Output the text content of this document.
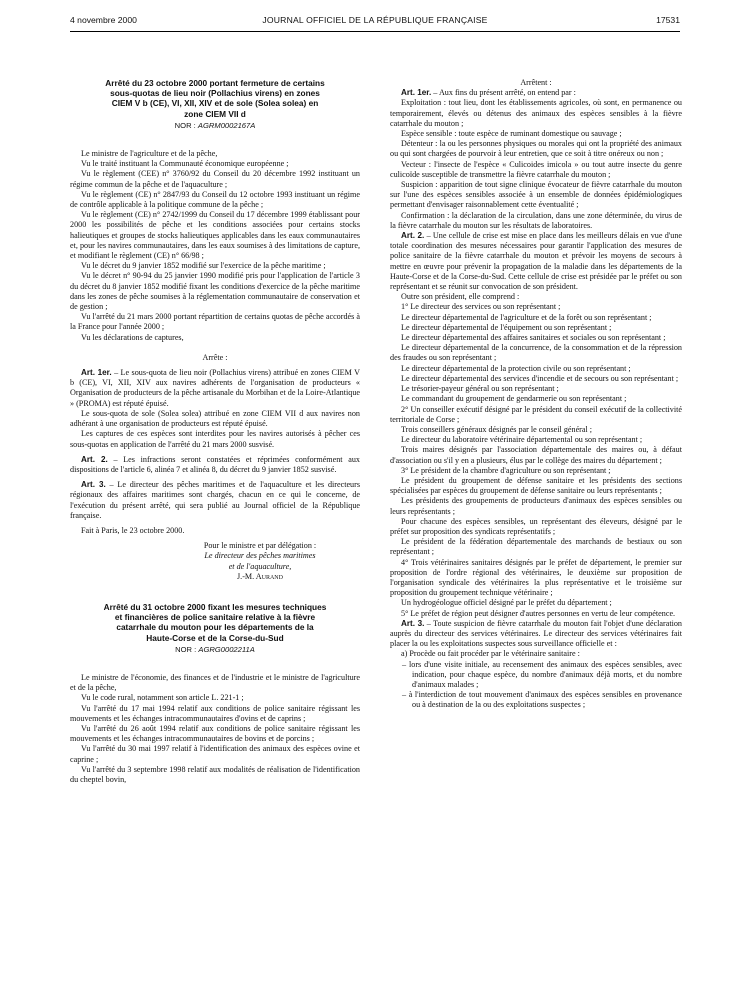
4 novembre 2000	JOURNAL OFFICIEL DE LA RÉPUBLIQUE FRANÇAISE	17531
Arrêté du 23 octobre 2000 portant fermeture de certains
sous-quotas de lieu noir (Pollachius virens) en zones
CIEM V b (CE), VI, XII, XIV et de sole (Solea solea) en
zone CIEM VII d

NOR : AGRM0002167A

Le ministre de l'agriculture et de la pêche,

Vu le traité instituant la Communauté économique européenne ;

Vu le règlement (CEE) n° 3760/92 du Conseil du 20 décembre 1992 instituant un régime commun de la pêche et de l'aquaculture ;

Vu le règlement (CE) n° 2847/93 du Conseil du 12 octobre 1993 instituant un régime de contrôle applicable à la politique commune de la pêche ;

Vu le règlement (CE) n° 2742/1999 du Conseil du 17 décembre 1999 établissant pour 2000 les possibilités de pêche et les conditions associées pour certains stocks halieutiques et groupes de stocks halieutiques applicables dans les eaux communautaires et, pour les navires communautaires, dans les eaux soumises à des limitations de capture, et modifiant le règlement (CE) n° 66/98 ;

Vu le décret du 9 janvier 1852 modifié sur l'exercice de la pêche maritime ;

Vu le décret n° 90-94 du 25 janvier 1990 modifié pris pour l'application de l'article 3 du décret du 8 janvier 1852 modifié fixant les conditions d'exercice de la pêche maritime dans les zones de pêche soumises à la réglementation communautaire de conservation et de gestion ;

Vu l'arrêté du 21 mars 2000 portant répartition de certains quotas de pêche accordés à la France pour l'année 2000 ;

Vu les déclarations de captures,

Arrête :

Art. 1er. – Le sous-quota de lieu noir (Pollachius virens) attribué en zones CIEM V b (CE), VI, XII, XIV aux navires adhérents de l'organisation de producteurs « Organisation de producteurs de la pêche artisanale du Morbihan et de la Loire-Atlantique » (PROMA) est réputé épuisé.

Le sous-quota de sole (Solea solea) attribué en zone CIEM VII d aux navires non adhérant à une organisation de producteurs est réputé épuisé.

Les captures de ces espèces sont interdites pour les navires autorisés à pêcher ces sous-quotas en application de l'arrêté du 21 mars 2000 susvisé.

Art. 2. – Les infractions seront constatées et réprimées conformément aux dispositions de l'article 6, alinéa 7 et alinéa 8, du décret du 9 janvier 1852 susvisé.

Art. 3. – Le directeur des pêches maritimes et de l'aquaculture et les directeurs régionaux des affaires maritimes sont chargés, chacun en ce qui le concerne, de l'exécution du présent arrêté, qui sera publié au Journal officiel de la République française.

Fait à Paris, le 23 octobre 2000.

Pour le ministre et par délégation :
Le directeur des pêches maritimes
et de l'aquaculture,
J.-M. Aurand
Arrêté du 31 octobre 2000 fixant les mesures techniques
et financières de police sanitaire relative à la fièvre
catarrhale du mouton pour les départements de la
Haute-Corse et de la Corse-du-Sud

NOR : AGRG0002211A

Le ministre de l'économie, des finances et de l'industrie et le ministre de l'agriculture et de la pêche,

Vu le code rural, notamment son article L. 221-1 ;

Vu l'arrêté du 17 mai 1994 relatif aux conditions de police sanitaire régissant les mouvements et les échanges intracommunautaires d'ovins et de caprins ;

Vu l'arrêté du 26 août 1994 relatif aux conditions de police sanitaire régissant les mouvements et les échanges intracommunautaires de bovins et de porcins ;

Vu l'arrêté du 30 mai 1997 relatif à l'identification des animaux des espèces ovine et caprine ;

Vu l'arrêté du 3 septembre 1998 relatif aux modalités de réalisation de l'identification du cheptel bovin,

Arrêtent :

Art. 1er. – Aux fins du présent arrêté, on entend par :

Exploitation : tout lieu, dont les établissements agricoles, où sont, en permanence ou temporairement, élevés ou détenus des animaux des espèces sensibles à la fièvre catarrhale du mouton ;

Espèce sensible : toute espèce de ruminant domestique ou sauvage ;

Détenteur : la ou les personnes physiques ou morales qui ont la propriété des animaux ou qui sont chargées de pourvoir à leur entretien, que ce soit à titre onéreux ou non ;

Vecteur : l'insecte de l'espèce « Culicoides imicola » ou tout autre insecte du genre culicoïde susceptible de transmettre la fièvre catarrhale du mouton ;

Suspicion : apparition de tout signe clinique évocateur de fièvre catarrhale du mouton sur l'une des espèces sensibles associée à un ensemble de données épidémiologiques permettant d'envisager raisonnablement cette éventualité ;

Confirmation : la déclaration de la circulation, dans une zone déterminée, du virus de la fièvre catarrhale du mouton sur les résultats de laboratoires.

Art. 2. – Une cellule de crise est mise en place dans les meilleurs délais en vue d'une totale coordination des mesures nécessaires pour garantir l'application des mesures de police sanitaire de la fièvre catarrhale du mouton et prévoir les moyens de secours à mettre en œuvre pour prévenir la propagation de la maladie dans les départements de la Haute-Corse et de la Corse-du-Sud. Cette cellule de crise est présidée par le préfet ou son représentant et se réunit sur convocation de son président.

Outre son président, elle comprend :

1° Le directeur des services ou son représentant ;

Le directeur départemental de l'agriculture et de la forêt ou son représentant ;

Le directeur départemental de l'équipement ou son représentant ;

Le directeur départemental des affaires sanitaires et sociales ou son représentant ;

Le directeur départemental de la concurrence, de la consommation et de la répression des fraudes ou son représentant ;

Le directeur départemental de la protection civile ou son représentant ;

Le directeur départemental des services d'incendie et de secours ou son représentant ;

Le trésorier-payeur général ou son représentant ;

Le commandant du groupement de gendarmerie ou son représentant ;

2° Un conseiller exécutif désigné par le président du conseil exécutif de la collectivité territoriale de Corse ;

Trois conseillers généraux désignés par le conseil général ;

Le directeur du laboratoire vétérinaire départemental ou son représentant ;

Trois maires désignés par l'association départementale des maires ou, à défaut d'association ou s'il y en a plusieurs, élus par le collège des maires du département ;

3° Le président de la chambre d'agriculture ou son représentant ;

Le président du groupement de défense sanitaire et les présidents des sections spécialisées par espèces du groupement de défense sanitaire ou leurs représentants ;

Les présidents des groupements de producteurs d'animaux des espèces sensibles ou leurs représentants ;

Pour chacune des espèces sensibles, un représentant des éleveurs, désigné par le préfet sur proposition des syndicats représentatifs ;

Le président de la fédération départementale des marchands de bestiaux ou son représentant ;

4° Trois vétérinaires sanitaires désignés par le préfet de département, le premier sur proposition de l'ordre régional des vétérinaires, le deuxième sur proposition de l'organisation syndicale des vétérinaires la plus représentative et le troisième sur proposition du groupement technique vétérinaire ;

Un hydrogéologue officiel désigné par le préfet du département ;

5° Le préfet de région peut désigner d'autres personnes en vertu de leur compétence.

Art. 3. – Toute suspicion de fièvre catarrhale du mouton fait l'objet d'une déclaration auprès du directeur des services vétérinaires. Le directeur des services vétérinaires fait placer la ou les exploitations suspectes sous surveillance officielle et :

a) Procède ou fait procéder par le vétérinaire sanitaire :

– lors d'une visite initiale, au recensement des animaux des espèces sensibles, avec indication, pour chaque espèce, du nombre d'animaux déjà morts, et du nombre d'animaux malades ;

– à l'interdiction de tout mouvement d'animaux des espèces sensibles en provenance ou à destination de la ou des exploitations suspectes ;
